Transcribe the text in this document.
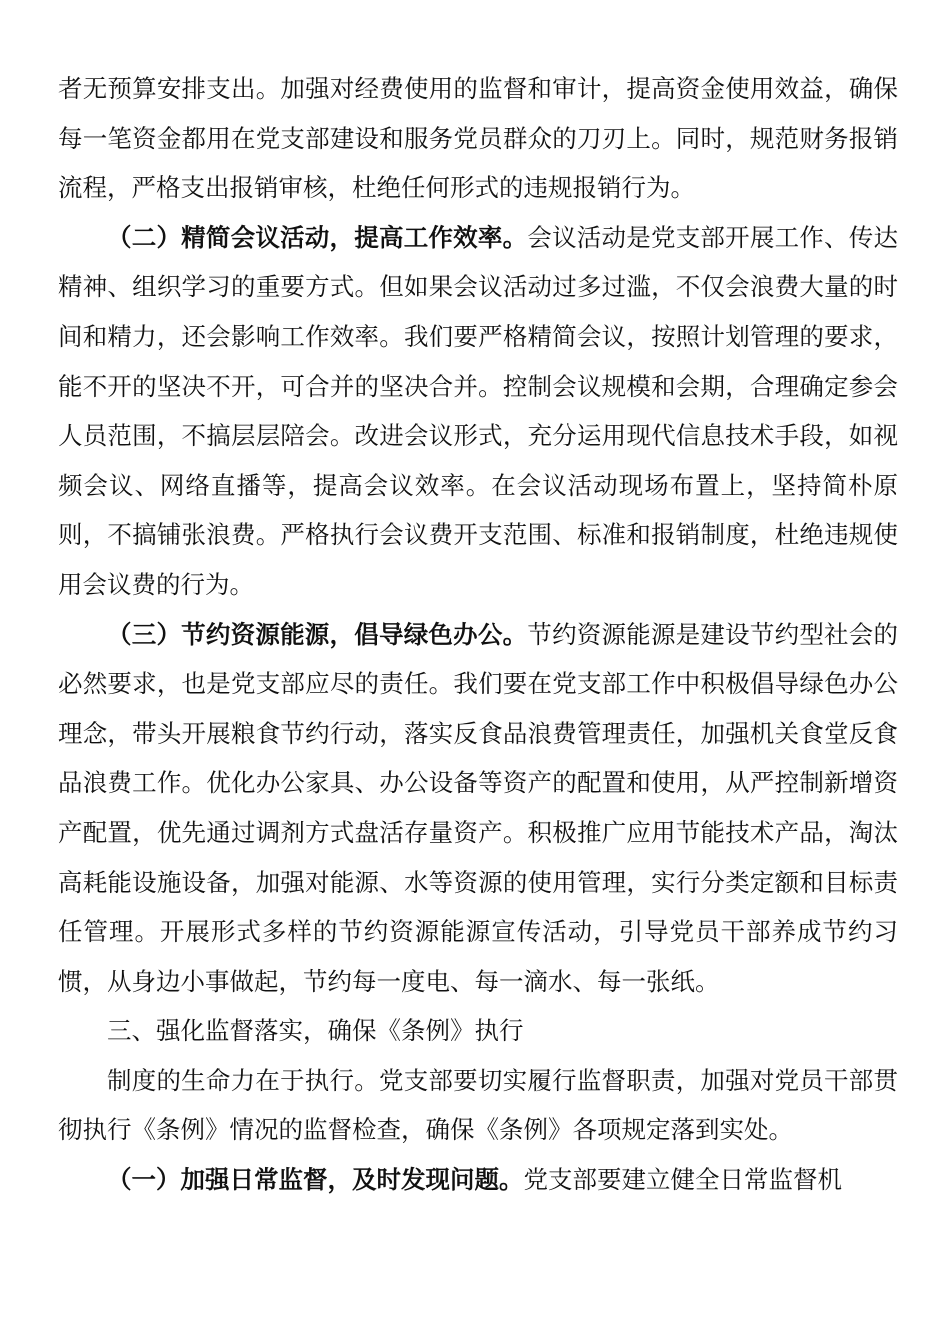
者无预算安排支出。加强对经费使用的监督和审计，提高资金使用效益，确保每一笔资金都用在党支部建设和服务党员群众的刀刃上。同时，规范财务报销流程，严格支出报销审核，杜绝任何形式的违规报销行为。

（二）精简会议活动，提高工作效率。会议活动是党支部开展工作、传达精神、组织学习的重要方式。但如果会议活动过多过滥，不仅会浪费大量的时间和精力，还会影响工作效率。我们要严格精简会议，按照计划管理的要求，能不开的坚决不开，可合并的坚决合并。控制会议规模和会期，合理确定参会人员范围，不搞层层陪会。改进会议形式，充分运用现代信息技术手段，如视频会议、网络直播等，提高会议效率。在会议活动现场布置上，坚持简朴原则，不搞铺张浪费。严格执行会议费开支范围、标准和报销制度，杜绝违规使用会议费的行为。

（三）节约资源能源，倡导绿色办公。节约资源能源是建设节约型社会的必然要求，也是党支部应尽的责任。我们要在党支部工作中积极倡导绿色办公理念，带头开展粮食节约行动，落实反食品浪费管理责任，加强机关食堂反食品浪费工作。优化办公家具、办公设备等资产的配置和使用，从严控制新增资产配置，优先通过调剂方式盘活存量资产。积极推广应用节能技术产品，淘汰高耗能设施设备，加强对能源、水等资源的使用管理，实行分类定额和目标责任管理。开展形式多样的节约资源能源宣传活动，引导党员干部养成节约习惯，从身边小事做起，节约每一度电、每一滴水、每一张纸。

三、强化监督落实，确保《条例》执行

制度的生命力在于执行。党支部要切实履行监督职责，加强对党员干部贯彻执行《条例》情况的监督检查，确保《条例》各项规定落到实处。

（一）加强日常监督，及时发现问题。党支部要建立健全日常监督机
